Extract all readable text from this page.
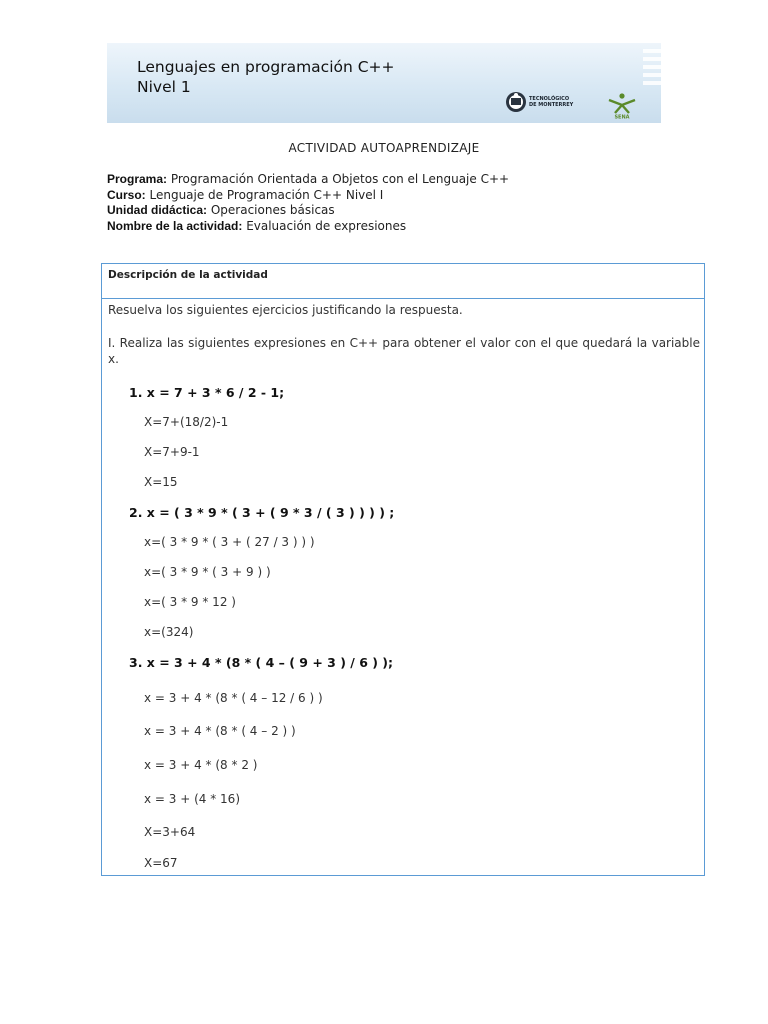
Lenguajes en programación C++
Nivel 1
TECNOLÓGICO
DE MONTERREY
SENA
ACTIVIDAD AUTOAPRENDIZAJE
Programa: Programación Orientada a Objetos con el Lenguaje C++
Curso: Lenguaje de Programación C++ Nivel I
Unidad didáctica: Operaciones básicas
Nombre de la actividad: Evaluación de expresiones
Descripción de la actividad
Resuelva los siguientes ejercicios justificando la respuesta.
I. Realiza las siguientes expresiones en C++ para obtener el valor con el que quedará la variable x.
1. x = 7 + 3 * 6 / 2 - 1;
X=7+(18/2)-1
X=7+9-1
X=15
2. x = ( 3 * 9 * ( 3 + ( 9 * 3 / ( 3 ) ) ) ) ;
x=( 3 * 9 * ( 3 + ( 27 / 3 ) ) )
x=( 3 * 9 * ( 3 + 9 ) )
x=( 3 * 9 * 12 )
x=(324)
3. x = 3 + 4 * (8 * ( 4 – ( 9 + 3 ) / 6 ) );
x = 3 + 4 * (8 * ( 4 – 12 / 6 ) )
x = 3 + 4 * (8 * ( 4 – 2 ) )
x = 3 + 4 * (8 * 2 )
x = 3 + (4 * 16)
X=3+64
X=67
